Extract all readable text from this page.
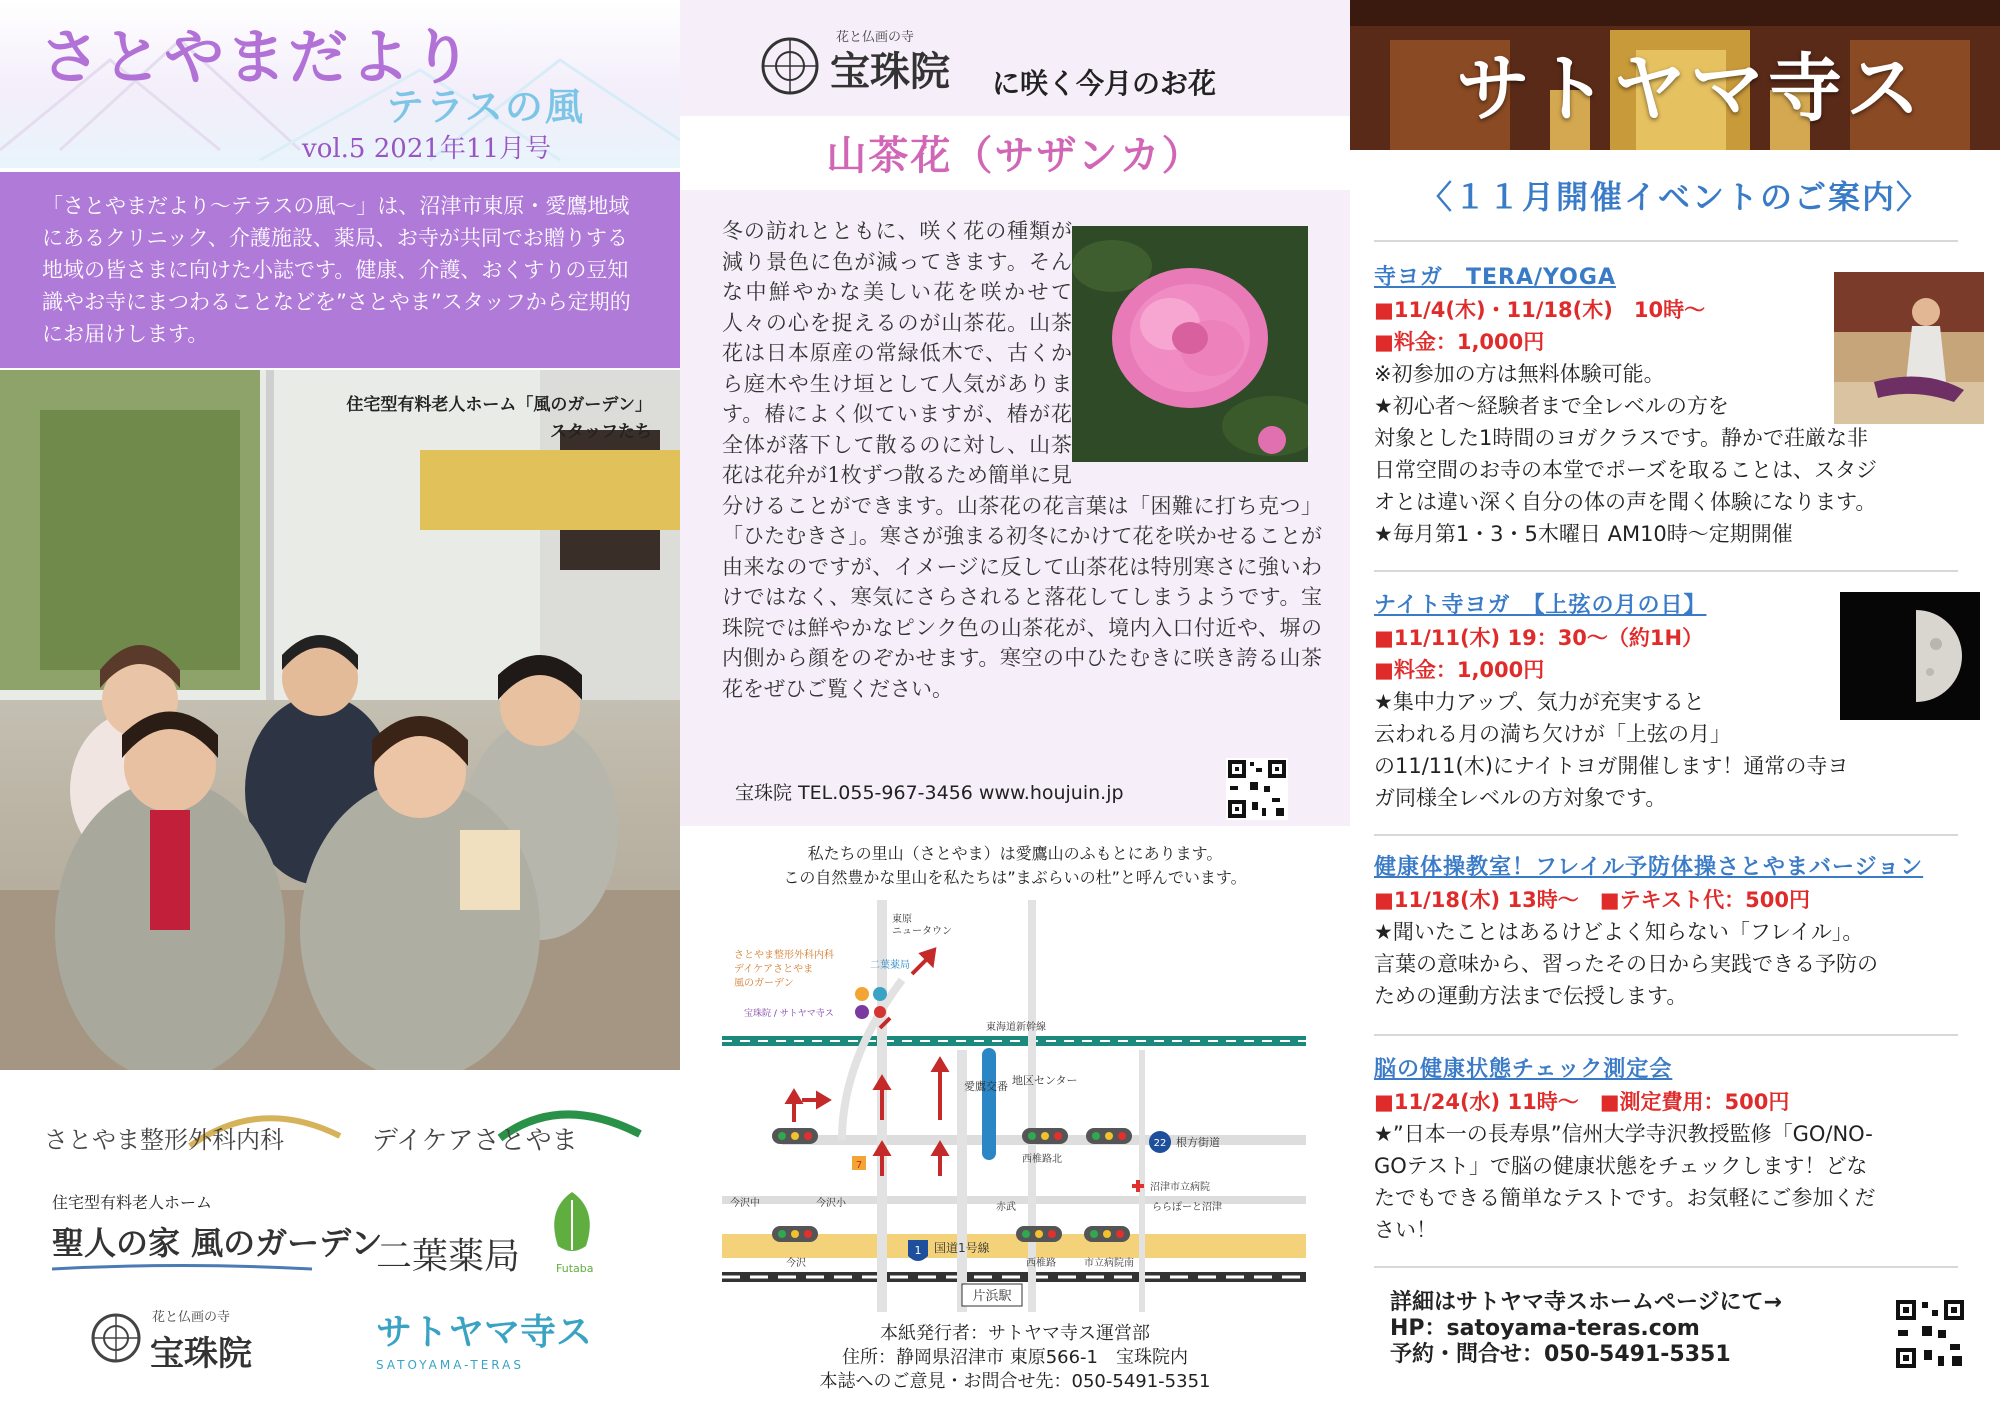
さとやまだより
テラスの風
vol.5 2021年11月号
「さとやまだより〜テラスの風〜」は、沼津市東原・愛鷹地域にあるクリニック、介護施設、薬局、お寺が共同でお贈りする地域の皆さまに向けた小誌です。健康、介護、おくすりの豆知識やお寺にまつわることなどを”さとやま”スタッフから定期的にお届けします。
住宅型有料老人ホーム「風のガーデン」
スタッフたち
さとやま整形外科内科	デイケアさとやま
住宅型有料老人ホーム
聖人の家 風のガーデン
二葉薬局	Futaba
花と仏画の寺
宝珠院
サトヤマ寺ス
SATOYAMA-TERAS
花と仏画の寺
宝珠院 に咲く今月のお花
山茶花（サザンカ）
冬の訪れとともに、咲く花の種類が減り景色に色が減ってきます。そんな中鮮やかな美しい花を咲かせて人々の心を捉えるのが山茶花。山茶花は日本原産の常緑低木で、古くから庭木や生け垣として人気があります。椿によく似ていますが、椿が花全体が落下して散るのに対し、山茶花は花弁が1枚ずつ散るため簡単に見分けることができます。山茶花の花言葉は「困難に打ち克つ」「ひたむきさ」。寒さが強まる初冬にかけて花を咲かせることが由来なのですが、イメージに反して山茶花は特別寒さに強いわけではなく、寒気にさらされると落花してしまうようです。宝珠院では鮮やかなピンク色の山茶花が、境内入口付近や、塀の内側から顔をのぞかせます。寒空の中ひたむきに咲き誇る山茶花をぜひご覧ください。
宝珠院 TEL.055-967-3456 www.houjuin.jp
私たちの里山（さとやま）は愛鷹山のふもとにあります。
この自然豊かな里山を私たちは”まぶらいの杜”と呼んでいます。
東原
ニュータウン
さとやま整形外科内科
デイケアさとやま
風のガーデン
二葉薬局
宝珠院 / サトヤマ寺ス
東海道新幹線
地区センター
愛鷹交番
西椎路北
22 根方街道
沼津市立病院
今沢中	今沢小	赤武	ららぽーと沼津
1 国道1号線
今沢	西椎路	市立病院南
片浜駅
7
本紙発行者：サトヤマ寺ス運営部
住所：静岡県沼津市 東原566-1　宝珠院内
本誌へのご意見・お問合せ先：050-5491-5351
サトヤマ寺ス
〈１１月開催イベントのご案内〉
寺ヨガ　TERA/YOGA
■11/4(木)・11/18(木)　10時〜
■料金：1,000円
※初参加の方は無料体験可能。
★初心者〜経験者まで全レベルの方を
対象とした1時間のヨガクラスです。静かで荘厳な非
日常空間のお寺の本堂でポーズを取ることは、スタジ
オとは違い深く自分の体の声を聞く体験になります。
★毎月第1・3・5木曜日 AM10時〜定期開催
ナイト寺ヨガ　【上弦の月の日】
■11/11(木) 19：30〜（約1H）
■料金：1,000円
★集中力アップ、気力が充実すると
云われる月の満ち欠けが「上弦の月」
の11/11(木)にナイトヨガ開催します！通常の寺ヨ
ガ同様全レベルの方対象です。
健康体操教室！フレイル予防体操さとやまバージョン
■11/18(木) 13時〜　■テキスト代：500円
★聞いたことはあるけどよく知らない「フレイル」。
言葉の意味から、習ったその日から実践できる予防の
ための運動方法まで伝授します。
脳の健康状態チェック測定会
■11/24(水) 11時〜　■測定費用：500円
★”日本一の長寿県”信州大学寺沢教授監修「GO/NO-
GOテスト」で脳の健康状態をチェックします！どな
たでもできる簡単なテストです。お気軽にご参加くだ
さい！
詳細はサトヤマ寺スホームページにて→
HP：satoyama-teras.com
予約・問合せ：050-5491-5351
